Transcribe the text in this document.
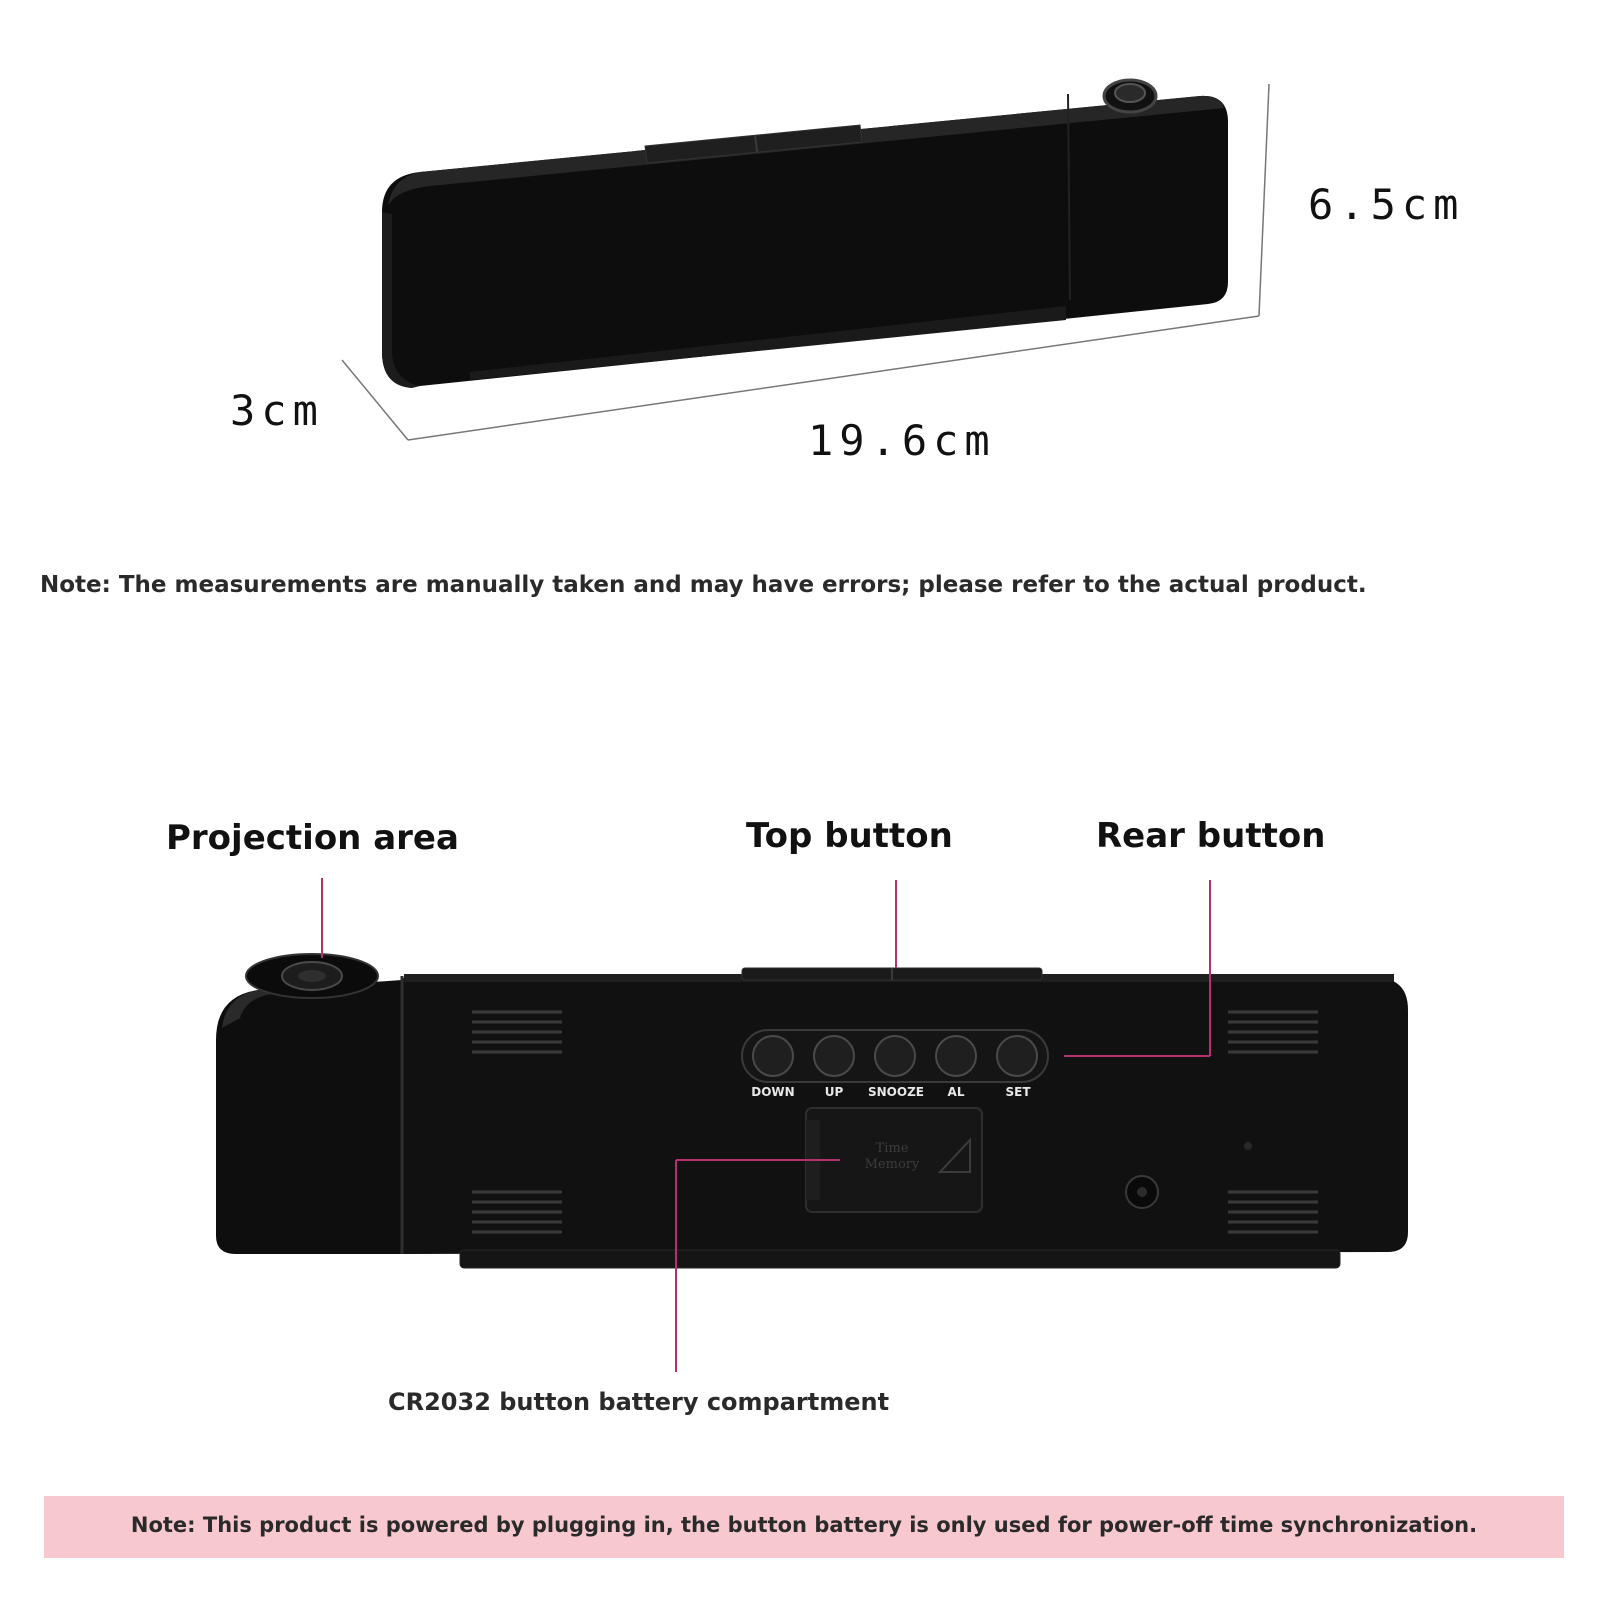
DOWN	UP SNOOZE AL	SET
Time
Memory
6.5cm
3cm
19.6cm
Note: The measurements are manually taken and may have errors; please refer to the actual product.
Projection area	Top button	Rear button
CR2032 button battery compartment
Note: This product is powered by plugging in, the button battery is only used for power-off time synchronization.
